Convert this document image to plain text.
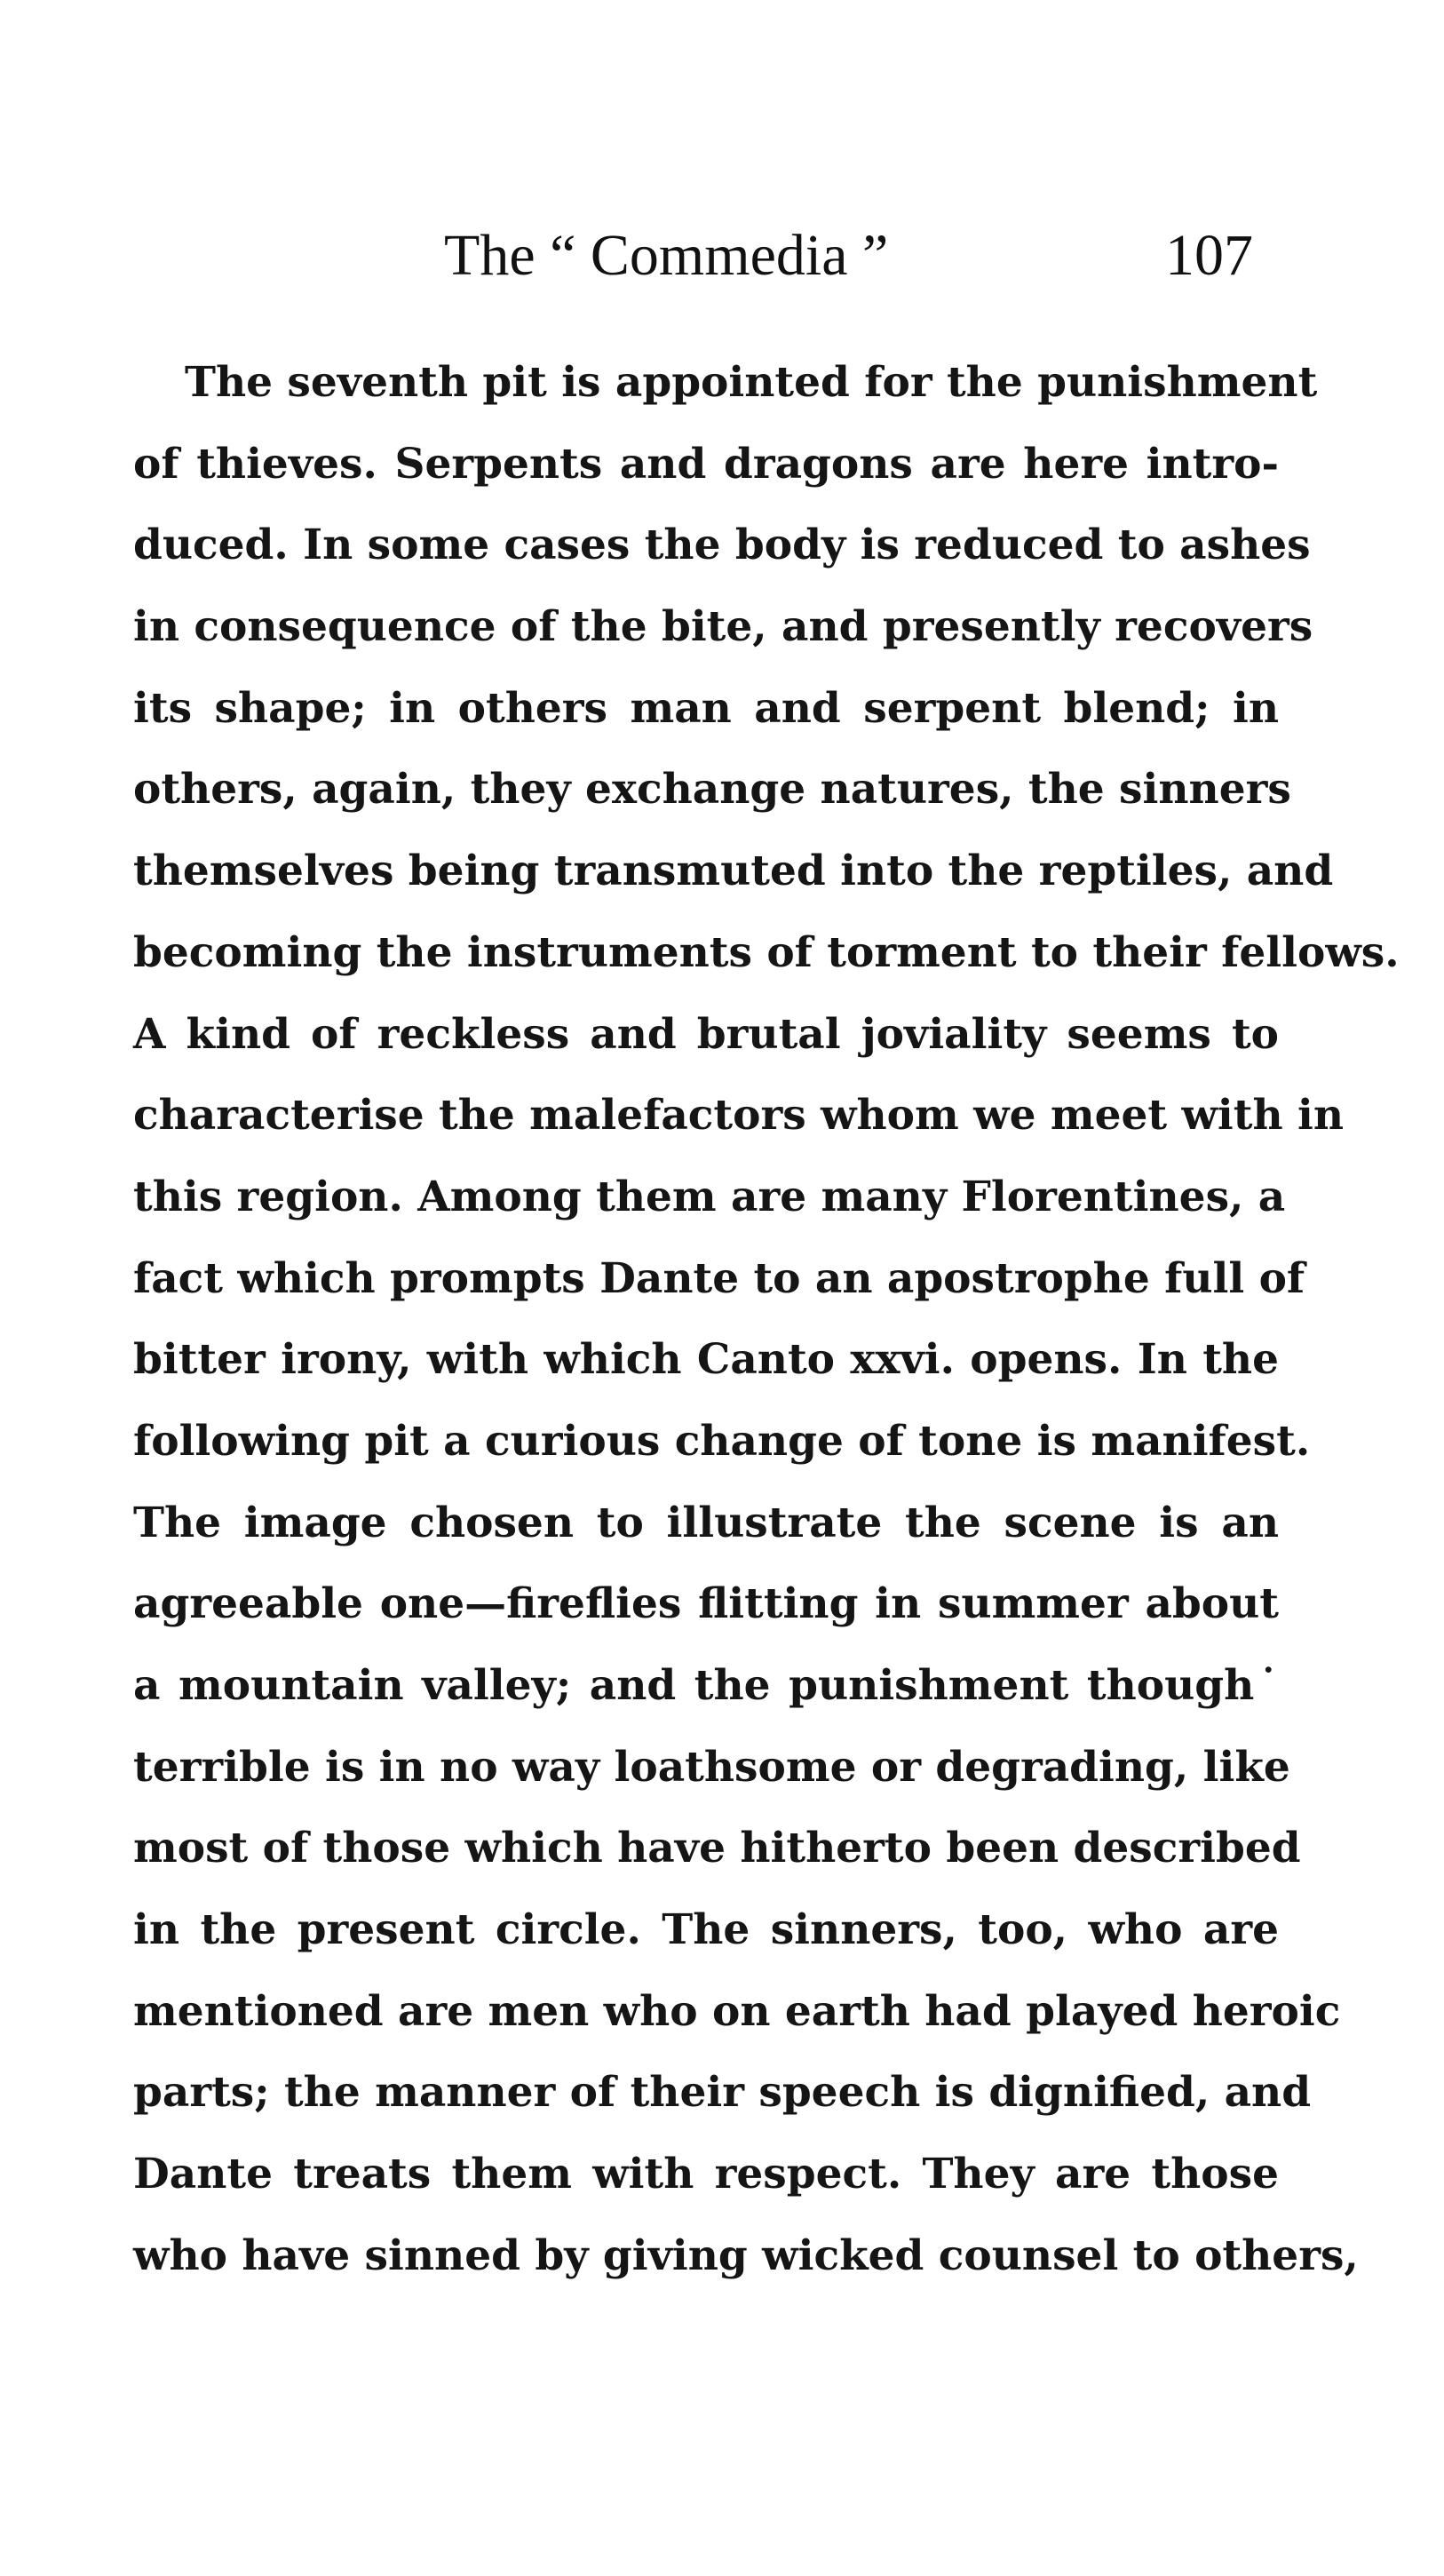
The “ Commedia ”	107
The seventh pit is appointed for the punishment
of thieves. Serpents and dragons are here intro-
duced. In some cases the body is reduced to ashes
in consequence of the bite, and presently recovers
its shape; in others man and serpent blend; in
others, again, they exchange natures, the sinners
themselves being transmuted into the reptiles, and
becoming the instruments of torment to their fellows.
A kind of reckless and brutal joviality seems to
characterise the malefactors whom we meet with in
this region. Among them are many Florentines, a
fact which prompts Dante to an apostrophe full of
bitter irony, with which Canto xxvi. opens. In the
following pit a curious change of tone is manifest.
The image chosen to illustrate the scene is an
agreeable one—fireflies flitting in summer about
a mountain valley; and the punishment though˙
terrible is in no way loathsome or degrading, like
most of those which have hitherto been described
in the present circle. The sinners, too, who are
mentioned are men who on earth had played heroic
parts; the manner of their speech is dignified, and
Dante treats them with respect. They are those
who have sinned by giving wicked counsel to others,
